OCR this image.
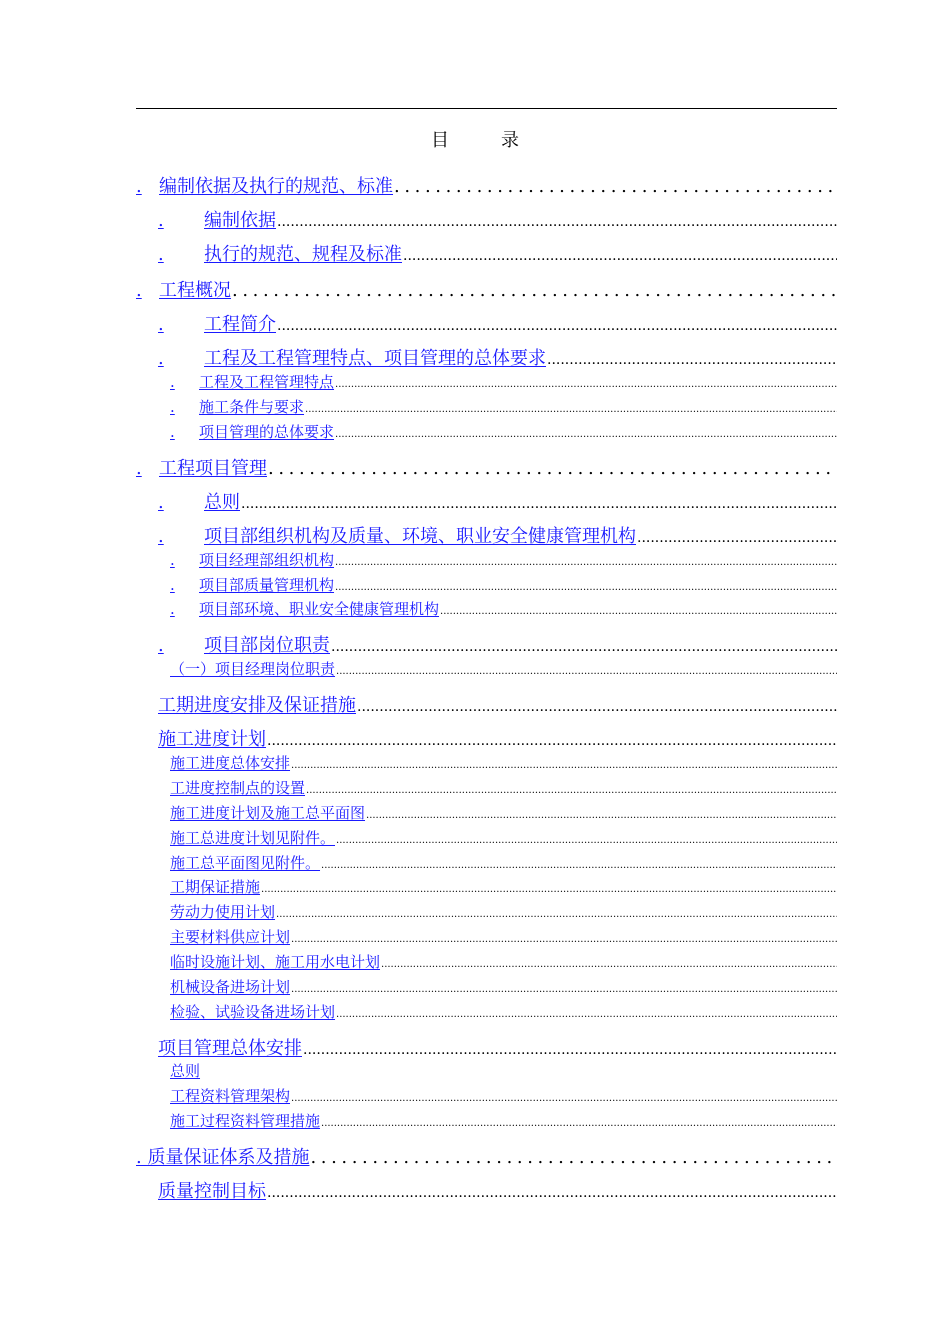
目	录
. 编制依据及执行的规范、标准
.....
.	编制依据
.....
.	执行的规范、规程及标准
.....
. 工程概况
.....
.	工程简介
.....
.	工程及工程管理特点、项目管理的总体要求
.....
.	工程及工程管理特点
.....
.	施工条件与要求
.....
.	项目管理的总体要求
.....
. 工程项目管理
.....
.	总则
.....
.	项目部组织机构及质量、环境、职业安全健康管理机构
.....
.	项目经理部组织机构
.....
.	项目部质量管理机构
.....
.	项目部环境、职业安全健康管理机构
.....
.	项目部岗位职责
.....
（一）项目经理岗位职责
.....
工期进度安排及保证措施
.....
施工进度计划
.....
施工进度总体安排
.....
工进度控制点的设置
.....
施工进度计划及施工总平面图
.....
施工总进度计划见附件。
.....
施工总平面图见附件。
.....
工期保证措施
.....
劳动力使用计划
.....
主要材料供应计划
.....
临时设施计划、施工用水电计划
.....
机械设备进场计划
.....
检验、试验设备进场计划
.....
项目管理总体安排
.....
总则
工程资料管理架构
.....
施工过程资料管理措施
.....
. 质量保证体系及措施
.....
质量控制目标
.....
